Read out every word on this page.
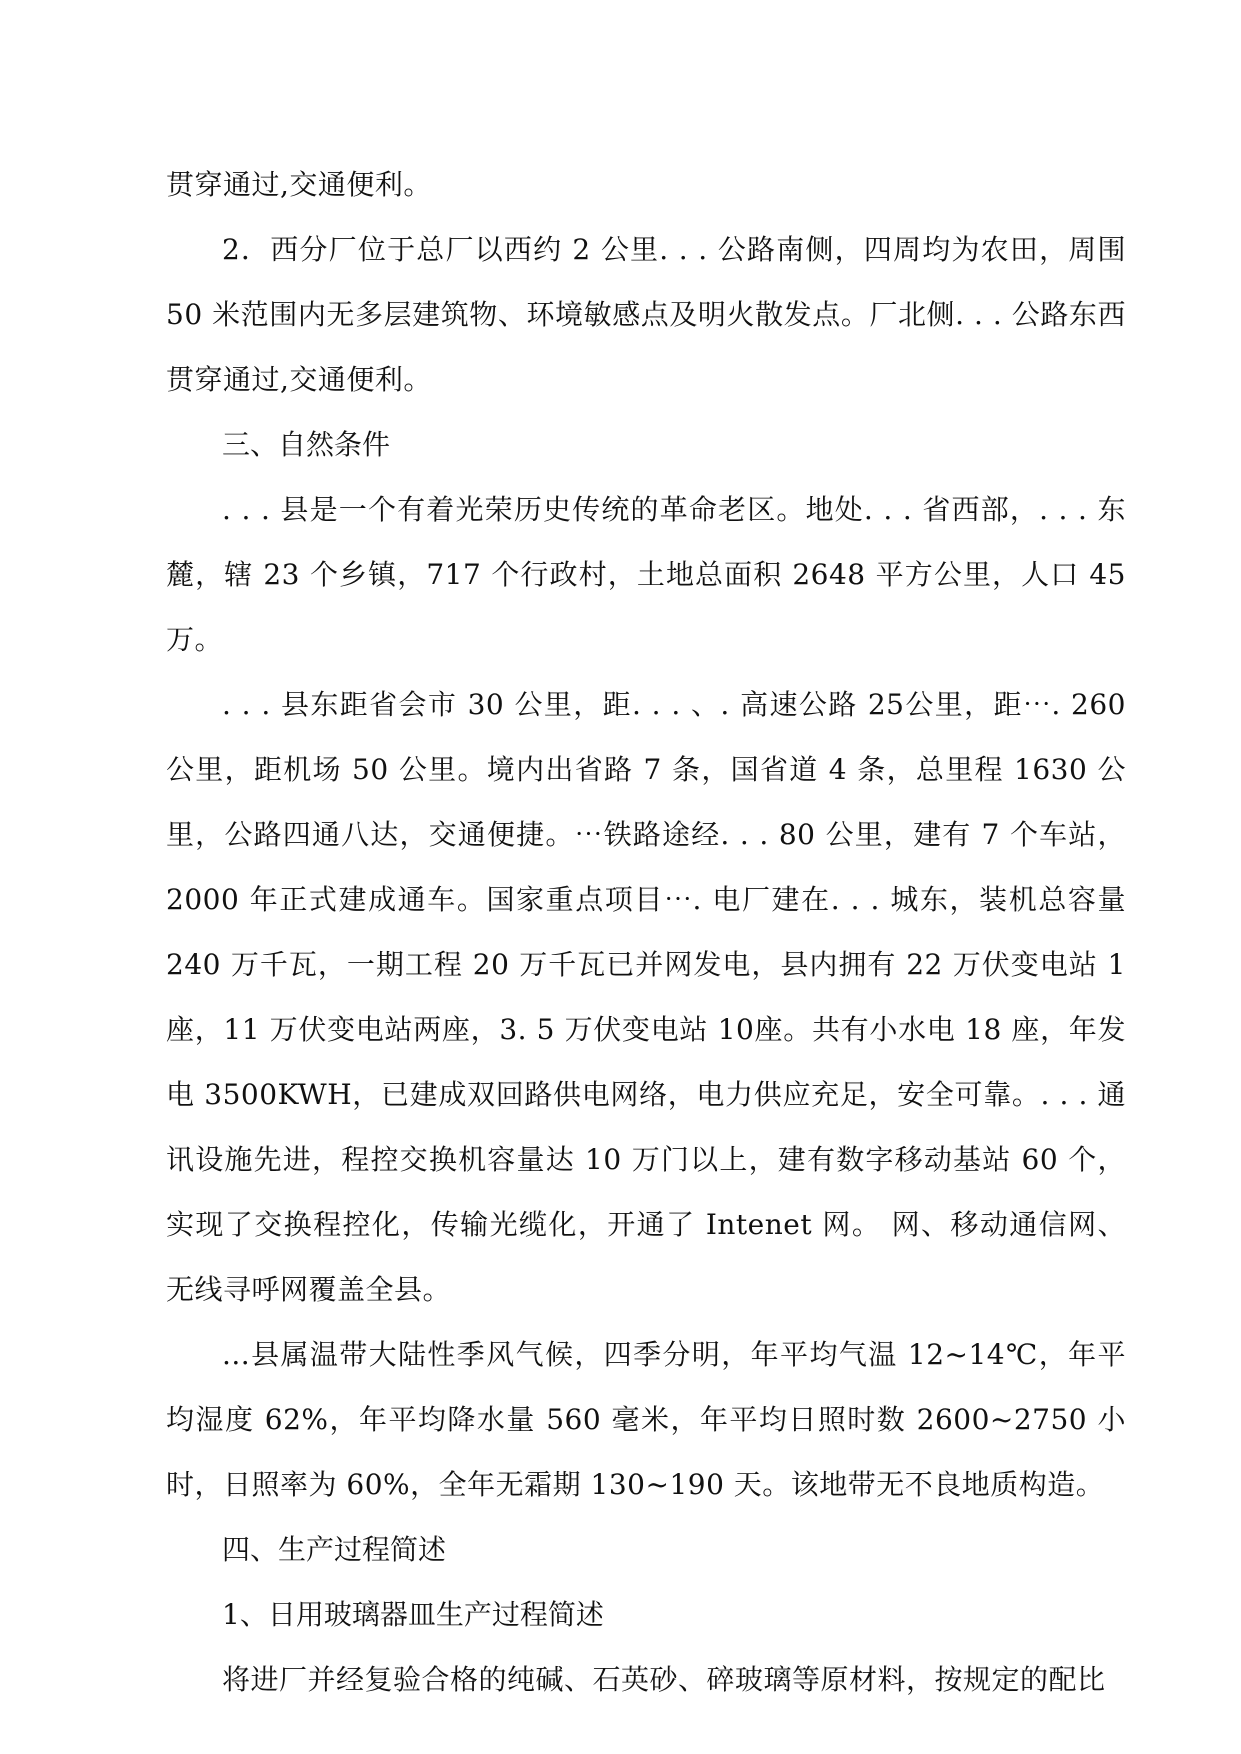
贯穿通过,交通便利。

2．西分厂位于总厂以西约 2 公里. . . 公路南侧，四周均为农田，周围 50 米范围内无多层建筑物、环境敏感点及明火散发点。厂北侧. . . 公路东西贯穿通过,交通便利。

三、自然条件

. . . 县是一个有着光荣历史传统的革命老区。地处. . . 省西部，. . . 东麓，辖 23 个乡镇，717 个行政村，土地总面积 2648 平方公里，人口 45 万。

. . . 县东距省会市 30 公里，距. . . 、. 高速公路 25公里，距⋯. 260 公里，距机场 50 公里。境内出省路 7 条，国省道 4 条，总里程 1630 公里，公路四通八达，交通便捷。⋯铁路途经. . . 80 公里，建有 7 个车站，2000 年正式建成通车。国家重点项目⋯. 电厂建在. . . 城东，装机总容量 240 万千瓦，一期工程 20 万千瓦已并网发电，县内拥有 22 万伏变电站 1 座，11 万伏变电站两座，3. 5 万伏变电站 10座。共有小水电 18 座，年发电 3500KWH，已建成双回路供电网络，电力供应充足，安全可靠。. . . 通讯设施先进，程控交换机容量达 10 万门以上，建有数字移动基站 60 个，实现了交换程控化，传输光缆化，开通了 Intenet 网。 网、移动通信网、无线寻呼网覆盖全县。

...县属温带大陆性季风气候，四季分明，年平均气温 12~14℃，年平均湿度 62%，年平均降水量 560 毫米，年平均日照时数 2600~2750 小时，日照率为 60%，全年无霜期 130~190 天。该地带无不良地质构造。

四、生产过程简述

1、日用玻璃器皿生产过程简述

将进厂并经复验合格的纯碱、石英砂、碎玻璃等原材料，按规定的配比
